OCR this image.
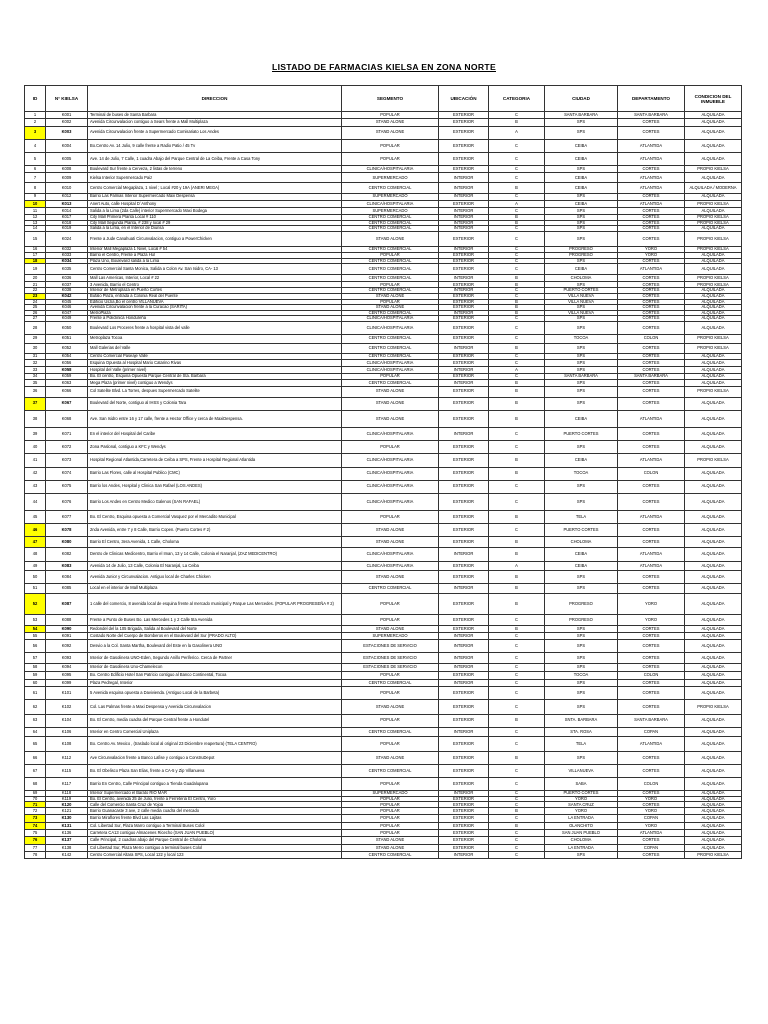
LISTADO DE FARMACIAS KIELSA EN ZONA NORTE
ID	N° KIELSA	DIRECCION	SEGMENTO	UBICACIÓN	CATEGORIA	CIUDAD	DEPARTAMENTO	CONDICION DEL INMUEBLE
1	K001	Terminal de buses de Santa Barbara	POPULAR	EXTERIOR	C	SANTA BARBARA	SANTA BARBARA	ALQUILADA
2	K002	Avenida Circunvalacion contiguo a Sears frente a Mall Multiplaza	STAND ALONE	EXTERIOR	B	SPS	CORTES	ALQUILADA
3	K003	Avenida Circunvalacion frente a Supermercado Comisariato Los Andes	STAND ALONE	EXTERIOR	A	SPS	CORTES	ALQUILADA
4	K004	Bo.Centro Av. 14 Julio, 9 calle frente a Radio Patio / 45 Tv	POPULAR	EXTERIOR	C	CEIBA	ATLANTIDA	ALQUILADA
5	K005	Ave. 14 de Julio, 7 Calle, 1 cuadra Abajo del Parque Central de La Ceiba, Frente a Casa Tony	POPULAR	EXTERIOR	C	CEIBA	ATLANTIDA	ALQUILADA
6	K008	Boulevard Sur frente a Cerveza, 2 listas de terreno	CLINICA/HOSPITALARIA	EXTERIOR	C	SPS	CORTES	PROPIO KIELSA
7	K009	Kielsa Interior Supermercado Paiz	SUPERMERCADO	INTERIOR	C	CEIBA	ATLANTIDA	ALQUILADA
8	K010	Centro Comercial Megaplaza, 1 nivel ; Local #20 y 19A (ANERI MEGA)	CENTRO COMERCIAL	INTERIOR	B	CEIBA	ATLANTIDA	ALQUILADA / MODERNA
9	K012	Barrio Las Palmas Interior Supermercado Maxi Despensa	SUPERMERCADO	INTERIOR	C	SPS	CORTES	ALQUILADA
10	K013	Anert Auto, calle Hospital D´Anthony	CLINICA/HOSPITALARIA	EXTERIOR	A	CEIBA	ATLANTIDA	PROPIO KIELSA
11	K014	Salida a la Lima (2da Calle) interior Supermercado Maxi Bodega	SUPERMERCADO	INTERIOR	C	SPS	CORTES	ALQUILADA
12	K017	City Mall Primera Planta Local # 110	CENTRO COMERCIAL	INTERIOR	B	SPS	CORTES	PROPIO KIELSA
13	K018	City Mall Segunda Planta, # 238 y local # 29	CENTRO COMERCIAL	INTERIOR	B	SPS	CORTES	PROPIO KIELSA
14	K019	Salida a la Lima, en el Interior de Diunsa	CENTRO COMERCIAL	INTERIOR	C	SPS	CORTES	ALQUILADA
15	K024	Frente a Jude Canahuati Circunvalacion, contiguo a PowerChicken	STAND ALONE	EXTERIOR	C	SPS	CORTES	PROPIO KIELSA
16	K032	Interior Mall Megaplaza 1 Nivel, Local # 54	CENTRO COMERCIAL	INTERIOR	C	PROGRESO	YORO	PROPIO KIELSA
17	K033	Barrio el Centro, Frente a Plaza Hul	POPULAR	EXTERIOR	C	PROGRESO	YORO	ALQUILADA
18	K034	Plaza Uno, Boulevard salida a la Lima	CENTRO COMERCIAL	EXTERIOR	C	SPS	CORTES	ALQUILADA
19	K035	Centro Comercial Santa Monica, Salida a Colon Av. San Isidro, CA- 13	CENTRO COMERCIAL	EXTERIOR	C	CEIBA	ATLANTIDA	ALQUILADA
20	K036	Mall Las Americas, Interior, Local # 22	CENTRO COMERCIAL	INTERIOR	B	CHOLOMA	CORTES	PROPIO KIELSA
21	K037	3 Avenida, Barrio el Centro	POPULAR	EXTERIOR	B	SPS	CORTES	PROPIO KIELSA
22	K038	Interior de Metroplaza en Puerto Cortes	CENTRO COMERCIAL	INTERIOR	C	PUERTO CORTES	CORTES	ALQUILADA
23	K042	Bufalo Plaza, entrada a Colonia Real del Puente	STAND ALONE	EXTERIOR	C	VILLA NUEVA	CORTES	ALQUILADA
24	K045	Edificio Uszia,Bo el centro VILLANUEVA	POPULAR	EXTERIOR	B	VILLA NUEVA	CORTES	ALQUILADA
25	K046	Avenida Circunvalacion frente a la Curacao (SARITA)	STAND ALONE	EXTERIOR	B	SPS	CORTES	ALQUILADA
26	K047	MetroPlaza	CENTRO COMERCIAL	INTERIOR	B	VILLA NUEVA	CORTES	ALQUILADA
27	K049	Frente a Policlinica Hondureña	CLINICA/HOSPITALARIA	EXTERIOR	C	SPS	CORTES	ALQUILADA
28	K050	Boulevard Los Proceres frente a hospital vista del valle	CLINICA/HOSPITALARIA	EXTERIOR	C	SPS	CORTES	ALQUILADA
29	K051	Metroplaza Tocoa	CENTRO COMERCIAL	EXTERIOR	C	TOCOA	COLON	PROPIO KIELSA
30	K052	Mall Galerias del Valle	CENTRO COMERCIAL	INTERIOR	B	SPS	CORTES	PROPIO KIELSA
31	K054	Centro Comercial Paseaje Valle	CENTRO COMERCIAL	EXTERIOR	C	SPS	CORTES	ALQUILADA
32	K056	Esquina Opuesta al Hospital Mario Catarino Rivas	CLINICA/HOSPITALARIA	EXTERIOR	C	SPS	CORTES	ALQUILADA
33	K058	Hospital del Valle (primer nivel)	CLINICA/HOSPITALARIA	INTERIOR	A	SPS	CORTES	ALQUILADA
34	K059	Bo. El centro, Esquina Opuesta Parque Central de Sta. Barbara	POPULAR	EXTERIOR	C	SANTA BARBARA	SANTA BARBARA	ALQUILADA
35	K063	Mega Plaza (primer nivel) contiguo a Wendys	CENTRO COMERCIAL	INTERIOR	B	SPS	CORTES	ALQUILADA
36	K066	Col Satelite Blvd. La Torres, despues Supermercado Satelite	STAND ALONE	EXTERIOR	B	SPS	CORTES	PROPIO KIELSA
37	K067	Boulevard del Norte, contiguo al IHSS y Colonia Tara	STAND ALONE	EXTERIOR	B	SPS	CORTES	ALQUILADA
38	K068	Ave. San Isidro entre 16 y 17 calle, frente a Hector Office y cerca de MaxiDespensa.	STAND ALONE	EXTERIOR	B	CEIBA	ATLANTIDA	ALQUILADA
39	K071	En el interior del Hospital del Caribe	CLINICA/HOSPITALARIA	INTERIOR	C	PUERTO CORTES	CORTES	ALQUILADA
40	K072	Zona Paslonal, contiguo a KFC y Wendys	POPULAR	EXTERIOR	C	SPS	CORTES	ALQUILADA
41	K073	Hospital Regional Atlantida,Carretera de Ceiba a SPS, Frente a Hospital Regional Atlantida	CLINICA/HOSPITALARIA	EXTERIOR	B	CEIBA	ATLANTIDA	PROPIO KIELSA
42	K074	Barrio Las Flores, calle al Hospital Publico (CMC)	CLINICA/HOSPITALARIA	EXTERIOR	B	TOCOA	COLON	ALQUILADA
43	K075	Barrio los Andes, Hospital y Clinica San Rafael (LOS ANDES)	CLINICA/HOSPITALARIA	EXTERIOR	C	SPS	CORTES	ALQUILADA
44	K076	Barrio Los Andes en Centro Medico Galenos (SAN RAFAEL)	CLINICA/HOSPITALARIA	EXTERIOR	C	SPS	CORTES	ALQUILADA
45	K077	Bo. El Centro, Esquina opuesta a Comercial Vasquez por el Mercadito Municipal	POPULAR	EXTERIOR	B	TELA	ATLANTIDA	ALQUILADA
46	K078	2nda Avenida, entre 7 y 8 Calle, Barrio Copen. (Puerto Cortes # 2)	STAND ALONE	EXTERIOR	C	PUERTO CORTES	CORTES	ALQUILADA
47	K080	Barrio El Centro, 3era Avenida, 1 Calle, Choloma	STAND ALONE	EXTERIOR	B	CHOLOMA	CORTES	ALQUILADA
48	K082	Dentro de Clinicas Medicentro, Barrio el Iman, 13 y 14 Calle, Colonia el Naranjal, (ZAZ MEDICENTRO)	CLINICA/HOSPITALARIA	INTERIOR	B	CEIBA	ATLANTIDA	ALQUILADA
49	K083	Avenida 14 de Julio, 13 Calle, Colonia El Naranjal, La Ceiba	CLINICA/HOSPITALARIA	EXTERIOR	A	CEIBA	ATLANTIDA	ALQUILADA
50	K084	Avenida Junior y Circunvalacion. Antiguo local de Charles Chicken	STAND ALONE	EXTERIOR	B	SPS	CORTES	ALQUILADA
51	K085	Local en el interior de Mall Multiplaza	CENTRO COMERCIAL	INTERIOR	B	SPS	CORTES	ALQUILADA
52	K087	1 calle del comercio, 8 avenida local de esquina frente al mercado municipal y Parque Las Mercedes. (POPULAR PROGRESEÑA # 2)	POPULAR	EXTERIOR	B	PROGRESO	YORO	ALQUILADA
53	K088	Frente a Punto de Buses Bo. Las Mercedes 1 y 2 Calle 5ta Avenida	POPULAR	EXTERIOR	C	PROGRESO	YORO	ALQUILADA
54	K090	Redondel del la 105 Brigada, Salida al Boulevard del Norte	STAND ALONE	EXTERIOR	B	SPS	CORTES	ALQUILADA
55	K091	Costado Norte del Cuerpo de Bomberos en el Boulevard del Sur (PRADO ALTO)	SUPERMERCADO	INTERIOR	C	SPS	CORTES	ALQUILADA
56	K092	Desvio a la Col. Santa Martha, Boulevard del Este en la Gasolinera UNO	ESTACIONES DE SERVICIO	INTERIOR	C	SPS	CORTES	ALQUILADA
57	K093	Interior de Gasolinera UNO-Eden, Segundo Anillo Periferico. Cerca de Partner	ESTACIONES DE SERVICIO	INTERIOR	C	SPS	CORTES	ALQUILADA
58	K094	Interior de Gasolinera Uno-Chamelecon	ESTACIONES DE SERVICIO	INTERIOR	C	SPS	CORTES	ALQUILADA
59	K095	Bo. Centro Edificio Hotel San Patricio contiguo al Banco Continental, Tocoa	POPULAR	EXTERIOR	C	TOCOA	COLON	ALQUILADA
60	K099	Plaza Pedregal, Interior	CENTRO COMERCIAL	INTERIOR	C	SPS	CORTES	ALQUILADA
61	K101	5 Avenida esquina opuesta a Davivienda. (Antiguo Local de la Barbeta)	POPULAR	EXTERIOR	C	SPS	CORTES	ALQUILADA
62	K102	Col. Las Palmas frente a Maxi Despensa y Avenida Circunvalacion	STAND ALONE	EXTERIOR	C	SPS	CORTES	PROPIO KIELSA
63	K104	Bo. El Centro, media cuadra del Parque Central frente a Hondutel	POPULAR	EXTERIOR	B	SNTA. BARBARA	SANTA BARBARA	ALQUILADA
64	K106	Interior en Centro Comercial Uniplaza	CENTRO COMERCIAL	INTERIOR	C	STA. ROSA	COPAN	ALQUILADA
65	K108	Bo. Centro Av. Mexico , (traslado local al original 23 Diciembre reapertura) (TELA CENTRO)	POPULAR	EXTERIOR	C	TELA	ATLANTIDA	ALQUILADA
66	K112	Ave Circunvalacion frente a Banco Lafise y contiguo a ConstruDepot	STAND ALONE	EXTERIOR	B	SPS	CORTES	ALQUILADA
67	K115	Bo. El Obelisco Plaza San Elias, frente a CA-5 y Zip Villanueva	CENTRO COMERCIAL	EXTERIOR	C	VILLANUEVA	CORTES	ALQUILADA
68	K117	Barrio En Centro, Calle Principal contiguo a Tienda Guadalupana	POPULAR	EXTERIOR	C	SABA	COLON	ALQUILADA
69	K118	Interior Supermercado el Barato RIO MAR	SUPERMERCADO	INTERIOR	C	PUERTO CORTES	CORTES	ALQUILADA
70	K119	Bo. El Centro, avenida 25 de Julio, frente a Ferreteria El Centro, Yoro	POPULAR	EXTERIOR	C	YORO	YORO	ALQUILADA
71	K120	Calle del Comercio Santa Cruz de Yojoa	POPULAR	EXTERIOR	C	SANTA CRUZ	CORTES	ALQUILADA
72	K121	Barrio Guanacaste 3 ave, 2 calle media cuadra del mercado	POPULAR	EXTERIOR	B	YORO	YORO	ALQUILADA
73	K130	Barrio Miraflores frente Blvd Las Lajitas	POPULAR	EXTERIOR	C	LA ENTRADA	COPAN	ALQUILADA
74	K131	Col. Libertad Sur, Plaza Marro contiguo a Terminal Buses Colol	POPULAR	EXTERIOR	B	OLANCHITO	YORO	ALQUILADA
75	K136	Carretera CA13 contiguo Almacenes Ricecho (SAN JUAN PUEBLO)	POPULAR	EXTERIOR	C	SAN JUAN PUEBLO	ATLANTIDA	ALQUILADA
76	K137	Calle Principal, 2 cuadras abajo del Parque Central de Choloma	STAND ALONE	EXTERIOR	C	CHOLOMA	CORTES	ALQUILADA
77	K138	Col Libertad Sur, Plaza Merro contiguo a terminal buses Colol	STAND ALONE	EXTERIOR	C	LA ENTRADA	COPAN	ALQUILADA
78	K142	Centro Comercial Altara SPS, Local 122 y local 123	CENTRO COMERCIAL	INTERIOR	C	SPS	CORTES	PROPIO KIELSA
